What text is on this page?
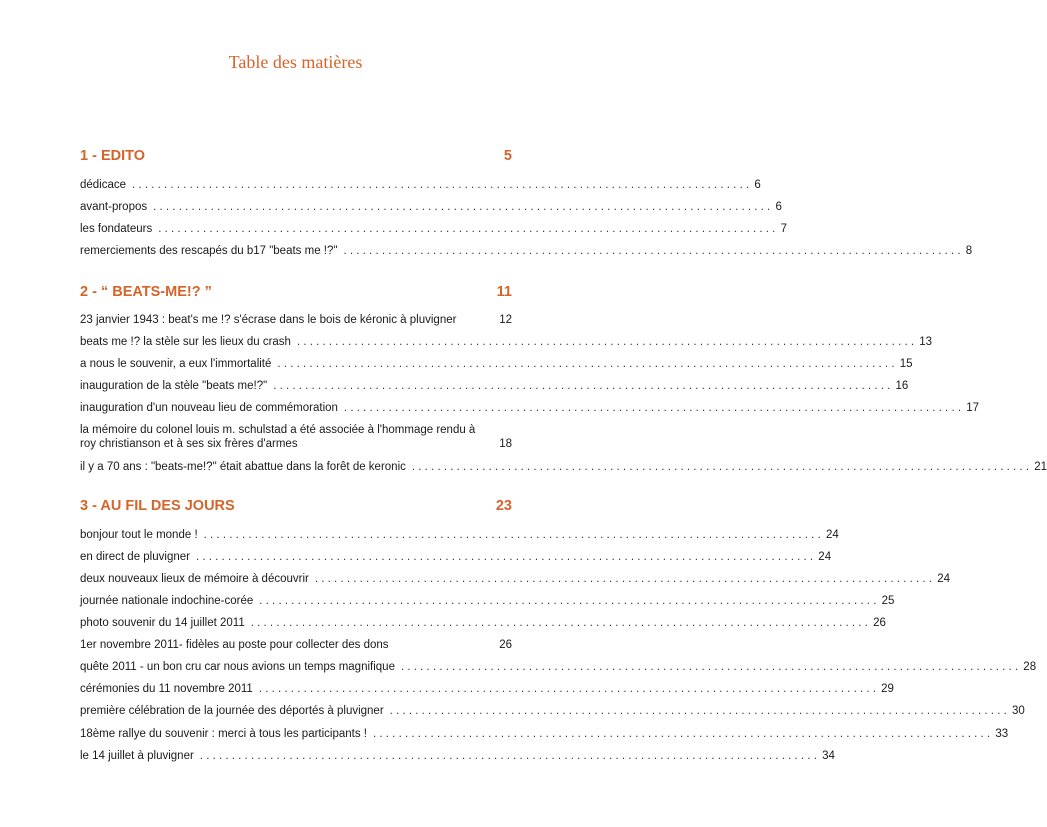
Table des matières
1 - EDITO	5
dédicace ................................................................................................. 6
avant-propos ................................................................................................. 6
les fondateurs ................................................................................................. 7
remerciements des rescapés du b17 "beats me !?" ................................................................................................. 8
2 - “ BEATS-ME!? ”	11
23 janvier 1943 : beat's me !? s'écrase dans le bois de kéronic à pluvigner	12
beats me !? la stèle sur les lieux du crash ................................................................................................. 13
a nous le souvenir, a eux l'immortalité ................................................................................................. 15
inauguration de la stèle "beats me!?" ................................................................................................. 16
inauguration d'un nouveau lieu de commémoration ................................................................................................. 17
la mémoire du colonel louis m. schulstad a été associée à l'hommage rendu à roy christianson et à ses six frères d'armes	18
il y a 70 ans : "beats-me!?" était abattue dans la forêt de keronic ................................................................................................. 21
3 - AU FIL DES JOURS	23
bonjour tout le monde ! ................................................................................................. 24
en direct de pluvigner ................................................................................................. 24
deux nouveaux lieux de mémoire à découvrir ................................................................................................. 24
journée nationale indochine-corée ................................................................................................. 25
photo souvenir du 14 juillet 2011 ................................................................................................. 26
1er novembre 2011- fidèles au poste pour collecter des dons	26
quête 2011 - un bon cru car nous avions un temps magnifique ................................................................................................. 28
cérémonies du 11 novembre 2011 ................................................................................................. 29
première célébration de la journée des déportés à pluvigner ................................................................................................. 30
18ème rallye du souvenir : merci à tous les participants ! ................................................................................................. 33
le 14 juillet à pluvigner ................................................................................................. 34
